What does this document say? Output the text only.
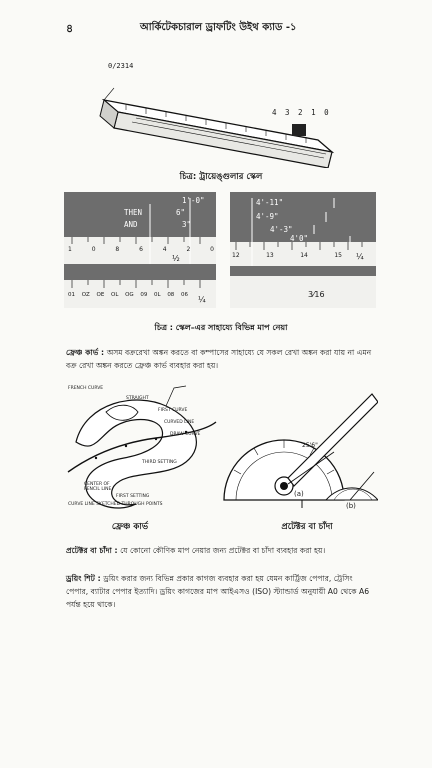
৪	আর্কিটেকচারাল ড্রাফটিং উইথ ক্যাড -১
0/2314
4 3 2 1 0
চিত্র: ট্রায়েঙ্গুলার স্কেল
1'-0"
THEN	6"
AND	3"
1	0	8	6	4	2	0
½
01 OZ OE OL OG 09 0L 08 06 ¼
4'-11"
4'-9"
4'-3"
4'0"
12	13	14	15 ¼
3⁄16
চিত্র : স্কেল–এর সাহায্যে বিভিন্ন মাপ নেয়া
ফ্রেঞ্চ কার্ভ : অসম বক্ররেখা অঙ্কন করতে বা কম্পাসের সাহায্যে যে সকল রেখা অঙ্কন করা যায় না এমন বক্র রেখা অঙ্কন করতে ফ্রেঞ্চ কার্ভ ব্যবহার করা হয়।
FIRST CURVE
CURVED LINE
DRAW CURVE
STRAIGHT
FIRST SETTING
THIRD SETTING
CENTER OF PENCIL LINE
CURVE LINE SKETCHED THROUGH POINTS
FRENCH CURVE
25'6"
(a)
(b)
ফ্রেঞ্চ কার্ভ	প্রটেক্টর বা চাঁদা
প্রটেক্টর বা চাঁদা : যে কোনো কৌণিক মাপ নেয়ার জন্য প্রটেক্টর বা চাঁদা ব্যবহার করা হয়।
ড্রয়িং শিট : ড্রয়িং করার জন্য বিভিন্ন প্রকার কাগজ ব্যবহার করা হয় যেমন কার্ট্রিজ পেপার, ট্রেসিং পেপার, ব্যাটার পেপার ইত্যাদি। ড্রয়িং কাগজের মাপ আইএসও (ISO) স্ট্যান্ডার্ড অনুযায়ী A0 থেকে A6 পর্যন্ত হয়ে থাকে।
